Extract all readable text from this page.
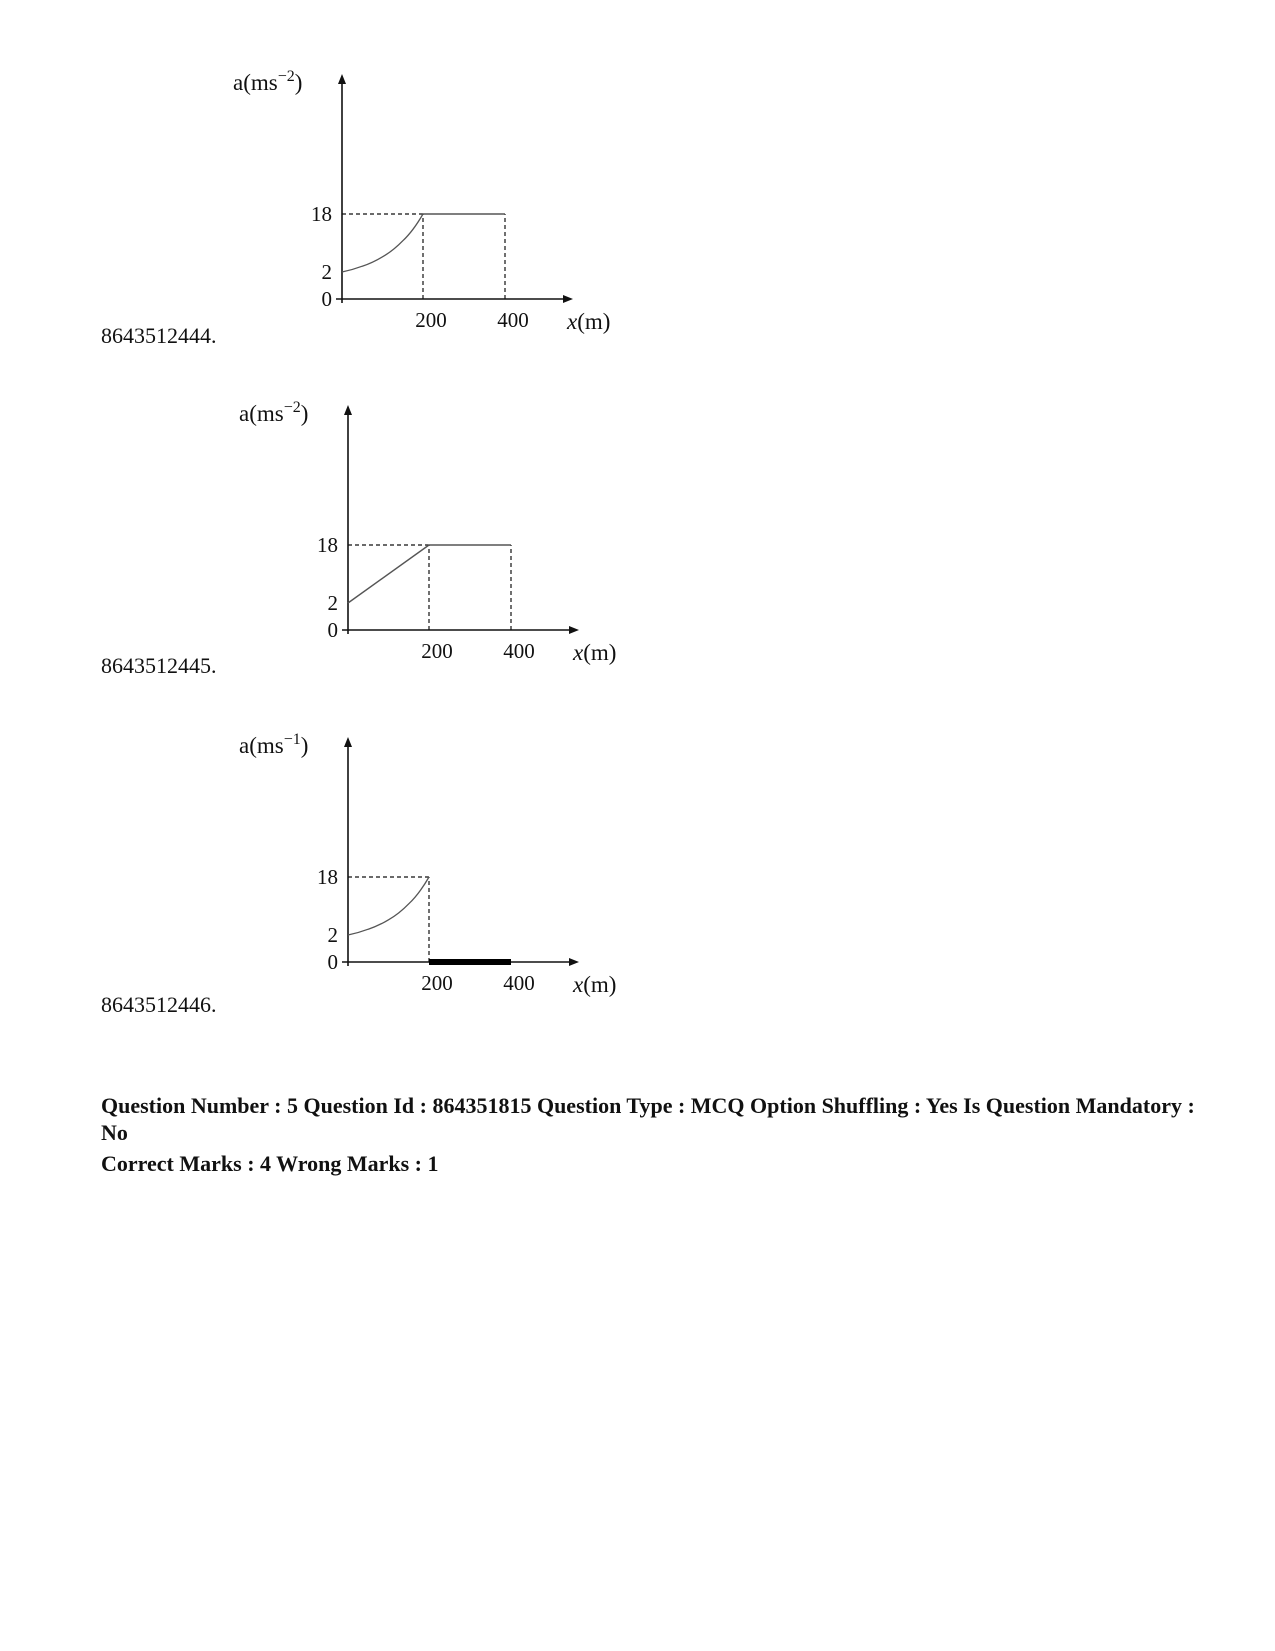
$a(ms^{-2})$
18
2
0
200 400 x(m)
8643512444.
$a(ms^{-2})$
18
2
0
200 400 x(m)
8643512445.
$a(ms^{-1})$
18
2
0
200 400 x(m)
8643512446.
Question Number : 5 Question Id : 864351815 Question Type : MCQ Option Shuffling : Yes Is Question Mandatory : No
Correct Marks : 4 Wrong Marks : 1
